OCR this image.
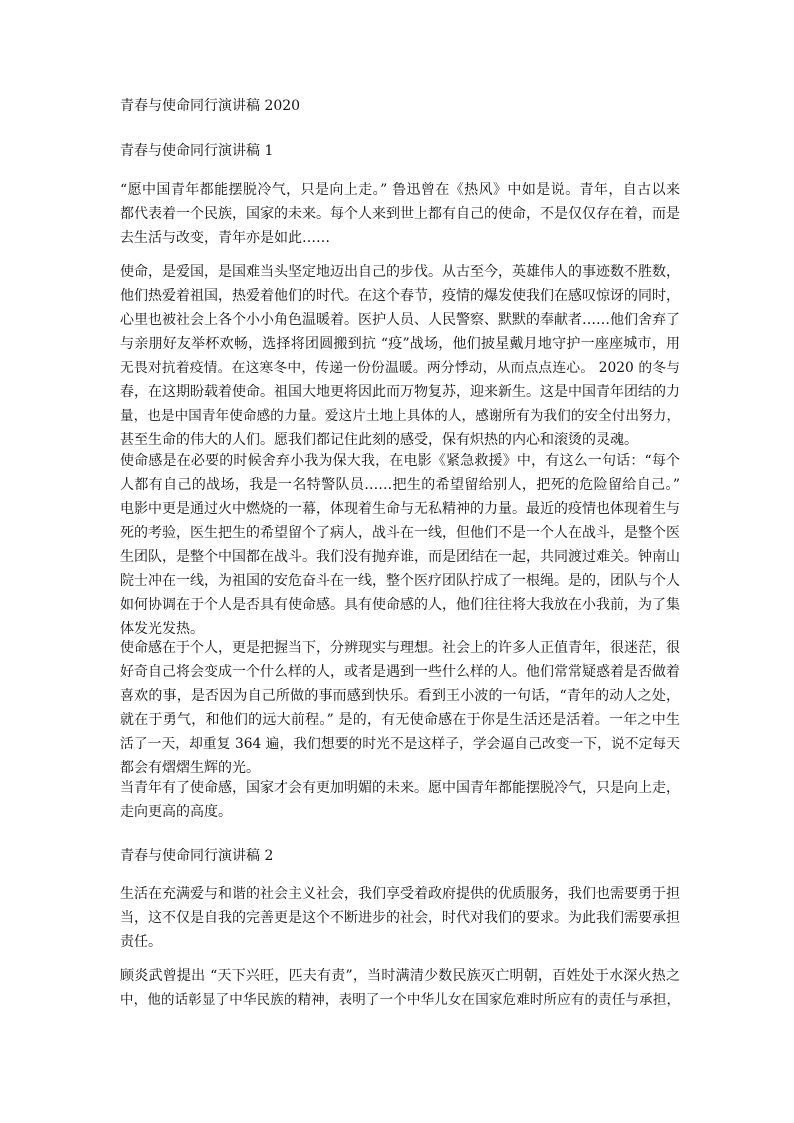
青春与使命同行演讲稿 2020
青春与使命同行演讲稿 1
“愿中国青年都能摆脱冷气，只是向上走。” 鲁迅曾在《热风》中如是说。青年，自古以来
都代表着一个民族，国家的未来。每个人来到世上都有自己的使命，不是仅仅存在着，而是
去生活与改变，青年亦是如此……
使命，是爱国，是国难当头坚定地迈出自己的步伐。从古至今，英雄伟人的事迹数不胜数，
他们热爱着祖国，热爱着他们的时代。在这个春节，疫情的爆发使我们在感叹惊讶的同时，
心里也被社会上各个小小角色温暖着。医护人员、人民警察、默默的奉献者……他们舍弃了
与亲朋好友举杯欢畅，选择将团圆搬到抗 “疫”战场，他们披星戴月地守护一座座城市，用
无畏对抗着疫情。在这寒冬中，传递一份份温暖。两分悸动，从而点点连心。 2020 的冬与
春，在这期盼载着使命。祖国大地更将因此而万物复苏，迎来新生。这是中国青年团结的力
量，也是中国青年使命感的力量。爱这片土地上具体的人，感谢所有为我们的安全付出努力，
甚至生命的伟大的人们。愿我们都记住此刻的感受，保有炽热的内心和滚烫的灵魂。
使命感是在必要的时候舍弃小我为保大我，在电影《紧急救援》中，有这么一句话：“每个
人都有自己的战场，我是一名特警队员……把生的希望留给别人，把死的危险留给自己。”
电影中更是通过火中燃烧的一幕，体现着生命与无私精神的力量。最近的疫情也体现着生与
死的考验，医生把生的希望留个了病人，战斗在一线，但他们不是一个人在战斗，是整个医
生团队，是整个中国都在战斗。我们没有抛弃谁，而是团结在一起，共同渡过难关。钟南山
院士冲在一线，为祖国的安危奋斗在一线，整个医疗团队拧成了一根绳。是的，团队与个人
如何协调在于个人是否具有使命感。具有使命感的人，他们往往将大我放在小我前，为了集
体发光发热。
使命感在于个人，更是把握当下，分辨现实与理想。社会上的许多人正值青年，很迷茫，很
好奇自己将会变成一个什么样的人，或者是遇到一些什么样的人。他们常常疑惑着是否做着
喜欢的事，是否因为自己所做的事而感到快乐。看到王小波的一句话，“青年的动人之处，
就在于勇气，和他们的远大前程。” 是的，有无使命感在于你是生活还是活着。一年之中生
活了一天，却重复 364 遍，我们想要的时光不是这样子，学会逼自己改变一下，说不定每天
都会有熠熠生辉的光。
当青年有了使命感，国家才会有更加明媚的未来。愿中国青年都能摆脱冷气，只是向上走，
走向更高的高度。
青春与使命同行演讲稿 2
生活在充满爱与和谐的社会主义社会，我们享受着政府提供的优质服务，我们也需要勇于担
当，这不仅是自我的完善更是这个不断进步的社会，时代对我们的要求。为此我们需要承担
责任。
顾炎武曾提出 “天下兴旺，匹夫有责”，当时满清少数民族灭亡明朝，百姓处于水深火热之
中，他的话彰显了中华民族的精神，表明了一个中华儿女在国家危难时所应有的责任与承担，
